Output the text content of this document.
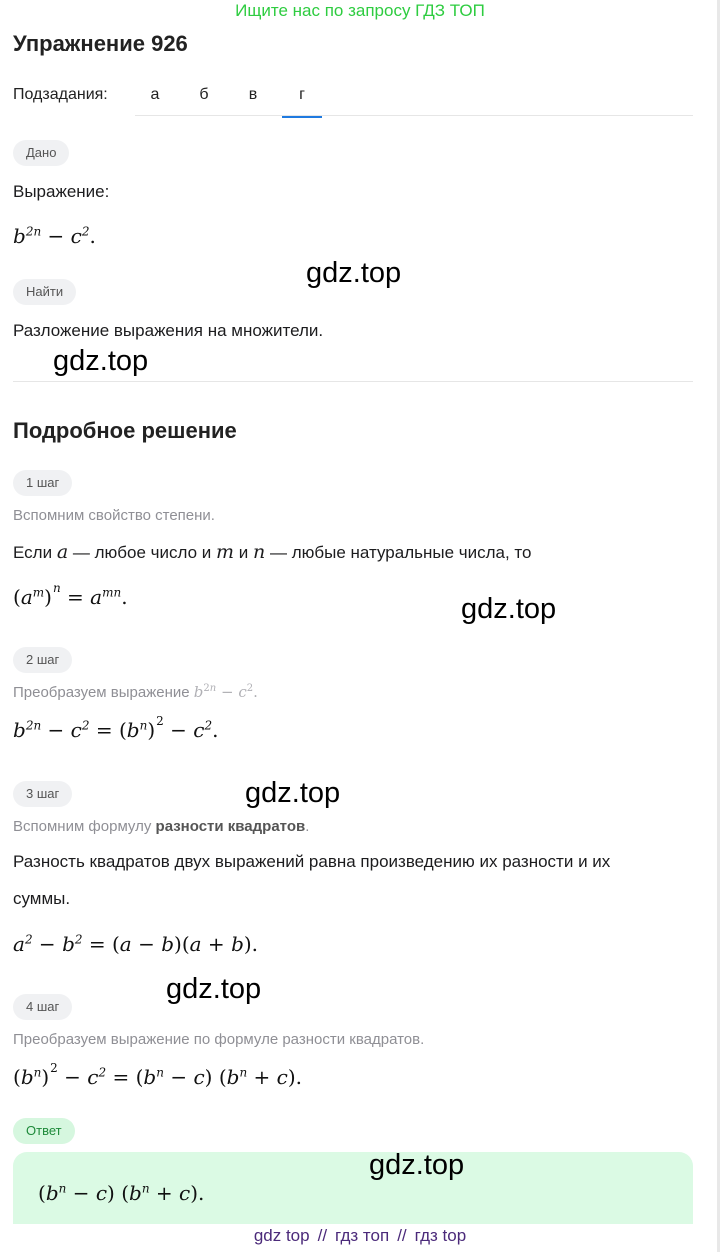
Ищите нас по запросу ГДЗ ТОП
Упражнение 926
Подзадания:	а	б	в	г
Дано
Выражение:
$b^{2n} - c^2$.
Найти
Разложение выражения на множители.
Подробное решение
1 шаг
Вспомним свойство степени.
Если a — любое число и m и n — любые натуральные числа, то
$(a^m)^n = a^{mn}$.
2 шаг
Преобразуем выражение $b^{2n} - c^2$.
$b^{2n} - c^2 = (b^n)^2 - c^2$.
3 шаг
Вспомним формулу разности квадратов.
Разность квадратов двух выражений равна произведению их разности и их
суммы.
$a^2 - b^2 = (a - b)(a + b)$.
4 шаг
Преобразуем выражение по формуле разности квадратов.
$(b^n)^2 - c^2 = (b^n - c) (b^n + c)$.
Ответ
$(b^n - c) (b^n + c)$.
gdz.top
gdz.top
gdz.top
gdz.top
gdz.top
gdz.top
gdz top // гдз топ // гдз top
